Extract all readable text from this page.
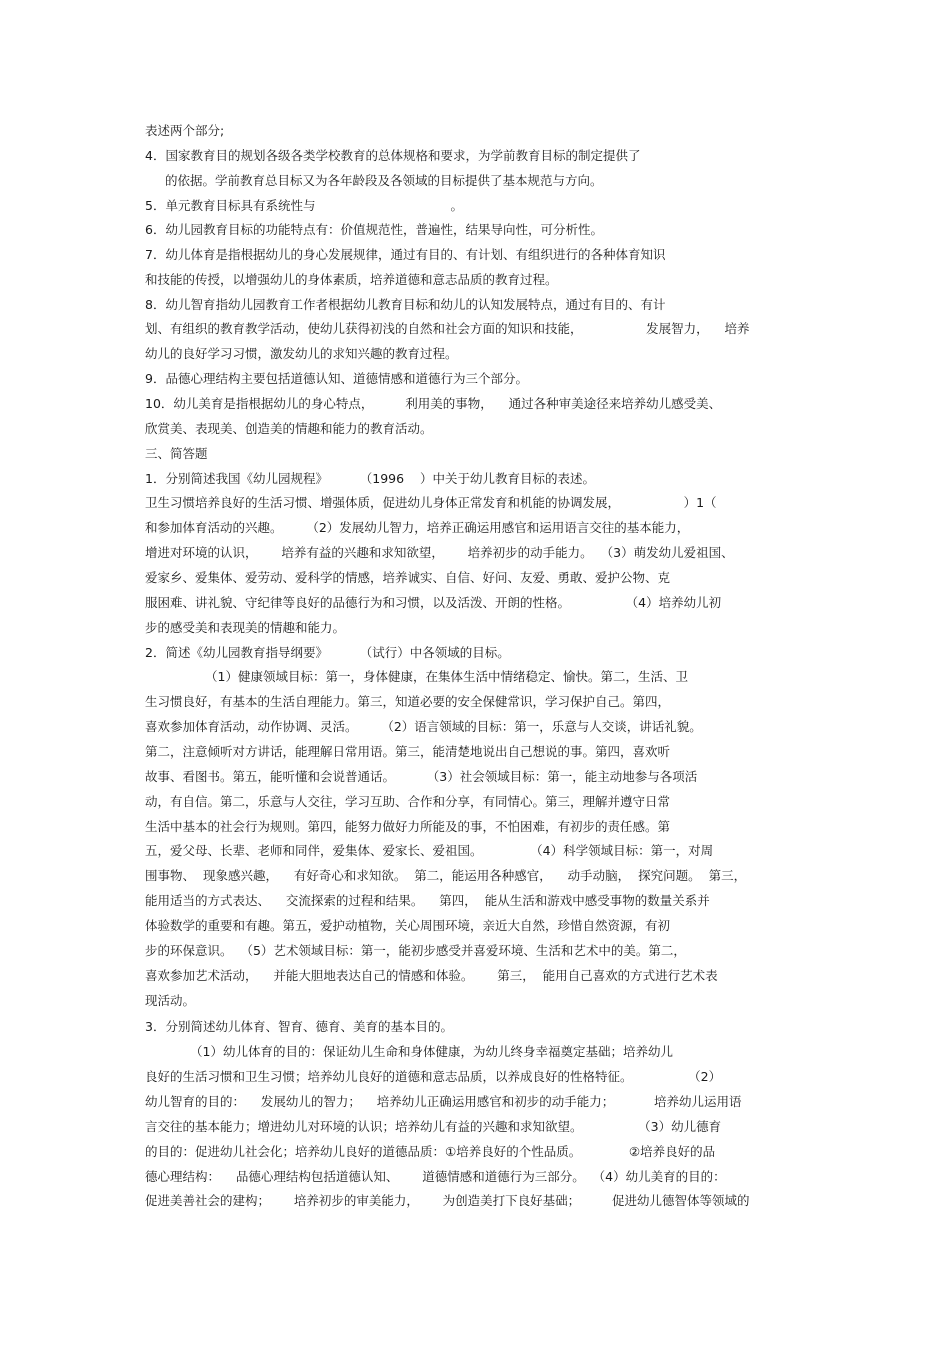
表述两个部分;
4．国家教育目的规划各级各类学校教育的总体规格和要求，为学前教育目标的制定提供了
的依据。学前教育总目标又为各年龄段及各领域的目标提供了基本规范与方向。
5．单元教育目标具有系统性与                                  。
6．幼儿园教育目标的功能特点有：价值规范性，普遍性，结果导向性，可分析性。
7．幼儿体育是指根据幼儿的身心发展规律，通过有目的、有计划、有组织进行的各种体育知识
和技能的传授，以增强幼儿的身体素质，培养道德和意志品质的教育过程。
8．幼儿智育指幼儿园教育工作者根据幼儿教育目标和幼儿的认知发展特点，通过有目的、有计
划、有组织的教育教学活动，使幼儿获得初浅的自然和社会方面的知识和技能，                发展智力，    培养
幼儿的良好学习习惯，激发幼儿的求知兴趣的教育过程。
9．品德心理结构主要包括道德认知、道德情感和道德行为三个部分。
10．幼儿美育是指根据幼儿的身心特点，        利用美的事物，    通过各种审美途径来培养幼儿感受美、
欣赏美、表现美、创造美的情趣和能力的教育活动。
三、简答题
1．分别简述我国《幼儿园规程》        （1996    ）中关于幼儿教育目标的表述。
卫生习惯培养良好的生活习惯、增强体质，促进幼儿身体正常发育和机能的协调发展，                ）1（
和参加体育活动的兴趣。      （2）发展幼儿智力，培养正确运用感官和运用语言交往的基本能力，
增进对环境的认识，      培养有益的兴趣和求知欲望，      培养初步的动手能力。  （3）萌发幼儿爱祖国、
爱家乡、爱集体、爱劳动、爱科学的情感，培养诚实、自信、好问、友爱、勇敢、爱护公物、克
服困难、讲礼貌、守纪律等良好的品德行为和习惯，以及活泼、开朗的性格。              （4）培养幼儿初
步的感受美和表现美的情趣和能力。
2．简述《幼儿园教育指导纲要》        （试行）中各领域的目标。
（1）健康领域目标：第一，身体健康，在集体生活中情绪稳定、愉快。第二，生活、卫
生习惯良好，有基本的生活自理能力。第三，知道必要的安全保健常识，学习保护自己。第四，
喜欢参加体育活动，动作协调、灵活。      （2）语言领域的目标：第一，乐意与人交谈，讲话礼貌。
第二，注意倾听对方讲话，能理解日常用语。第三，能清楚地说出自己想说的事。第四，喜欢听
故事、看图书。第五，能听懂和会说普通话。        （3）社会领域目标：第一，能主动地参与各项活
动，有自信。第二，乐意与人交往，学习互助、合作和分享，有同情心。第三，理解并遵守日常
生活中基本的社会行为规则。第四，能努力做好力所能及的事，不怕困难，有初步的责任感。第
五，爱父母、长辈、老师和同伴，爱集体、爱家长、爱祖国。            （4）科学领域目标：第一，对周
围事物、  现象感兴趣，    有好奇心和求知欲。  第二，能运用各种感官，    动手动脑，  探究问题。  第三，
能用适当的方式表达、    交流探索的过程和结果。    第四，  能从生活和游戏中感受事物的数量关系并
体验数学的重要和有趣。第五，爱护动植物，关心周围环境，亲近大自然，珍惜自然资源，有初
步的环保意识。  （5）艺术领域目标：第一，能初步感受并喜爱环境、生活和艺术中的美。第二，
喜欢参加艺术活动，    并能大胆地表达自己的情感和体验。      第三，  能用自己喜欢的方式进行艺术表
现活动。
3．分别简述幼儿体育、智育、德育、美育的基本目的。
（1）幼儿体育的目的：保证幼儿生命和身体健康，为幼儿终身幸福奠定基础；培养幼儿
良好的生活习惯和卫生习惯；培养幼儿良好的道德和意志品质，以养成良好的性格特征。              （2）
幼儿智育的目的：    发展幼儿的智力；    培养幼儿正确运用感官和初步的动手能力；          培养幼儿运用语
言交往的基本能力；增进幼儿对环境的认识；培养幼儿有益的兴趣和求知欲望。              （3）幼儿德育
的目的：促进幼儿社会化；培养幼儿良好的道德品质：①培养良好的个性品质。            ②培养良好的品
德心理结构：    品德心理结构包括道德认知、      道德情感和道德行为三部分。  （4）幼儿美育的目的：
促进美善社会的建构；      培养初步的审美能力，      为创造美打下良好基础；        促进幼儿德智体等领域的
